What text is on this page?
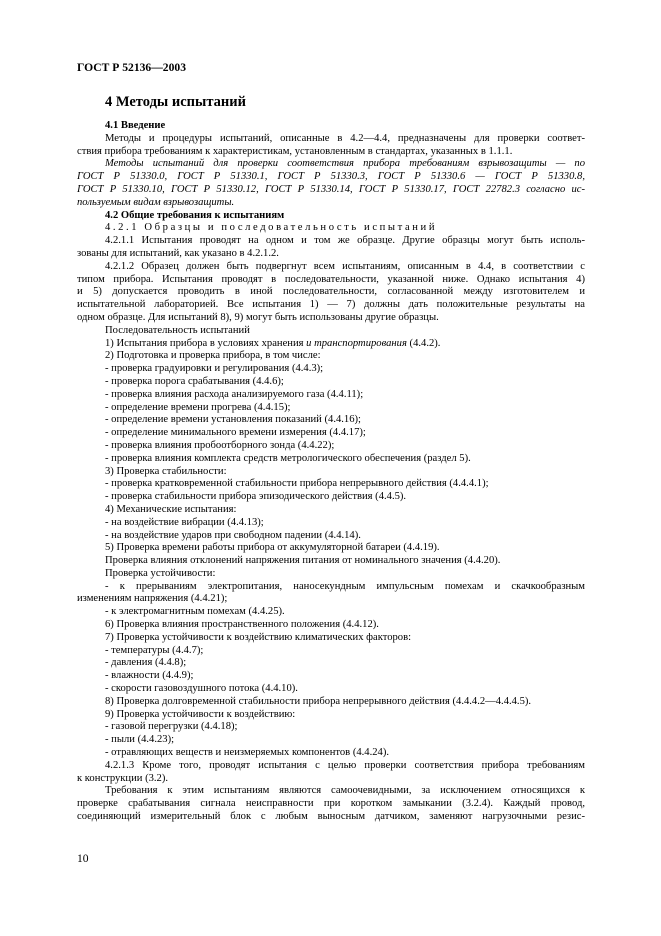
ГОСТ Р 52136—2003
4 Методы испытаний
4.1 Введение
Методы и процедуры испытаний, описанные в 4.2—4.4, предназначены для проверки соответ-
ствия прибора требованиям к характеристикам, установленным в стандартах, указанных в 1.1.1.
Методы испытаний для проверки соответствия прибора требованиям взрывозащиты — по
ГОСТ Р 51330.0, ГОСТ Р 51330.1, ГОСТ Р 51330.3, ГОСТ Р 51330.6 — ГОСТ Р 51330.8,
ГОСТ Р 51330.10, ГОСТ Р 51330.12, ГОСТ Р 51330.14, ГОСТ Р 51330.17, ГОСТ 22782.3 согласно ис-
пользуемым видам взрывозащиты.
4.2 Общие требования к испытаниям
4.2.1 Образцы и последовательность испытаний
4.2.1.1 Испытания проводят на одном и том же образце. Другие образцы могут быть исполь-
зованы для испытаний, как указано в 4.2.1.2.
4.2.1.2 Образец должен быть подвергнут всем испытаниям, описанным в 4.4, в соответствии с
типом прибора. Испытания проводят в последовательности, указанной ниже. Однако испытания 4)
и 5) допускается проводить в иной последовательности, согласованной между изготовителем и
испытательной лабораторией. Все испытания 1) — 7) должны дать положительные результаты на
одном образце. Для испытаний 8), 9) могут быть использованы другие образцы.
Последовательность испытаний
1) Испытания прибора в условиях хранения и транспортирования (4.4.2).
2) Подготовка и проверка прибора, в том числе:
- проверка градуировки и регулирования (4.4.3);
- проверка порога срабатывания (4.4.6);
- проверка влияния расхода анализируемого газа (4.4.11);
- определение времени прогрева (4.4.15);
- определение времени установления показаний (4.4.16);
- определение минимального времени измерения (4.4.17);
- проверка влияния пробоотборного зонда (4.4.22);
- проверка влияния комплекта средств метрологического обеспечения (раздел 5).
3) Проверка стабильности:
- проверка кратковременной стабильности прибора непрерывного действия (4.4.4.1);
- проверка стабильности прибора эпизодического действия (4.4.5).
4) Механические испытания:
- на воздействие вибрации (4.4.13);
- на воздействие ударов при свободном падении (4.4.14).
5) Проверка времени работы прибора от аккумуляторной батареи (4.4.19).
Проверка влияния отклонений напряжения питания от номинального значения (4.4.20).
Проверка устойчивости:
- к прерываниям электропитания, наносекундным импульсным помехам и скачкообразным
изменениям напряжения (4.4.21);
- к электромагнитным помехам (4.4.25).
6) Проверка влияния пространственного положения (4.4.12).
7) Проверка устойчивости к воздействию климатических факторов:
- температуры (4.4.7);
- давления (4.4.8);
- влажности (4.4.9);
- скорости газовоздушного потока (4.4.10).
8) Проверка долговременной стабильности прибора непрерывного действия (4.4.4.2—4.4.4.5).
9) Проверка устойчивости к воздействию:
- газовой перегрузки (4.4.18);
- пыли (4.4.23);
- отравляющих веществ и неизмеряемых компонентов (4.4.24).
4.2.1.3 Кроме того, проводят испытания с целью проверки соответствия прибора требованиям
к конструкции (3.2).
Требования к этим испытаниям являются самоочевидными, за исключением относящихся к
проверке срабатывания сигнала неисправности при коротком замыкании (3.2.4). Каждый провод,
соединяющий измерительный блок с любым выносным датчиком, заменяют нагрузочными резис-
10
